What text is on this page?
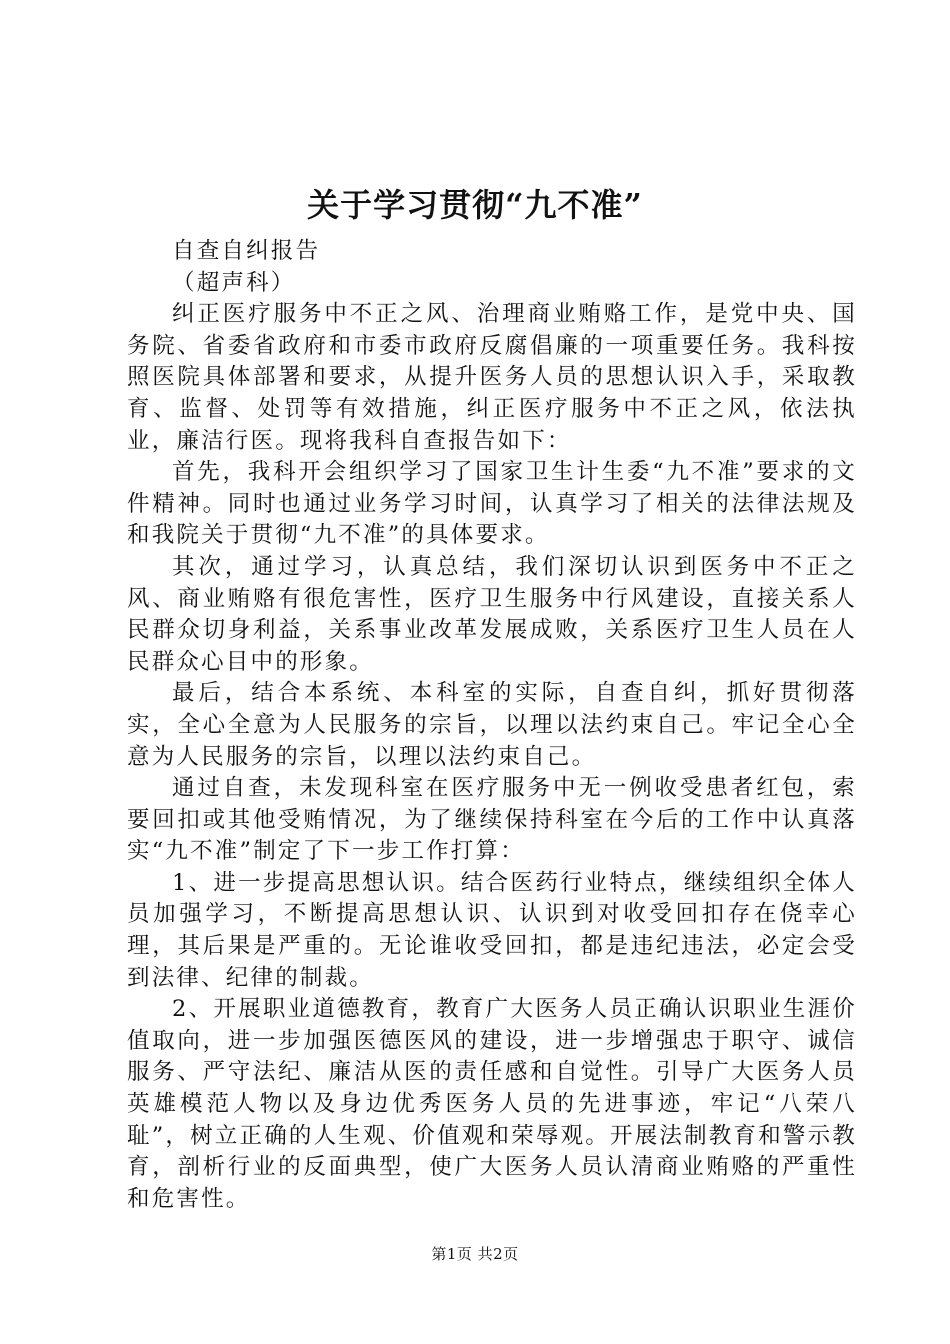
关于学习贯彻“九不准”

自查自纠报告

（超声科）

纠正医疗服务中不正之风、治理商业贿赂工作，是党中央、国务院、省委省政府和市委市政府反腐倡廉的一项重要任务。我科按照医院具体部署和要求，从提升医务人员的思想认识入手，采取教育、监督、处罚等有效措施，纠正医疗服务中不正之风，依法执业，廉洁行医。现将我科自查报告如下：

首先，我科开会组织学习了国家卫生计生委“九不准”要求的文件精神。同时也通过业务学习时间，认真学习了相关的法律法规及和我院关于贯彻“九不准”的具体要求。

其次，通过学习，认真总结，我们深切认识到医务中不正之风、商业贿赂有很危害性，医疗卫生服务中行风建设，直接关系人民群众切身利益，关系事业改革发展成败，关系医疗卫生人员在人民群众心目中的形象。

最后，结合本系统、本科室的实际，自查自纠，抓好贯彻落实，全心全意为人民服务的宗旨，以理以法约束自己。牢记全心全意为人民服务的宗旨，以理以法约束自己。

通过自查，未发现科室在医疗服务中无一例收受患者红包，索要回扣或其他受贿情况，为了继续保持科室在今后的工作中认真落实“九不准”制定了下一步工作打算：

1、进一步提高思想认识。结合医药行业特点，继续组织全体人员加强学习，不断提高思想认识、认识到对收受回扣存在侥幸心理，其后果是严重的。无论谁收受回扣，都是违纪违法，必定会受到法律、纪律的制裁。

2、开展职业道德教育，教育广大医务人员正确认识职业生涯价值取向，进一步加强医德医风的建设，进一步增强忠于职守、诚信服务、严守法纪、廉洁从医的责任感和自觉性。引导广大医务人员英雄模范人物以及身边优秀医务人员的先进事迹，牢记“八荣八耻”，树立正确的人生观、价值观和荣辱观。开展法制教育和警示教育，剖析行业的反面典型，使广大医务人员认清商业贿赂的严重性和危害性。

第1页 共2页
